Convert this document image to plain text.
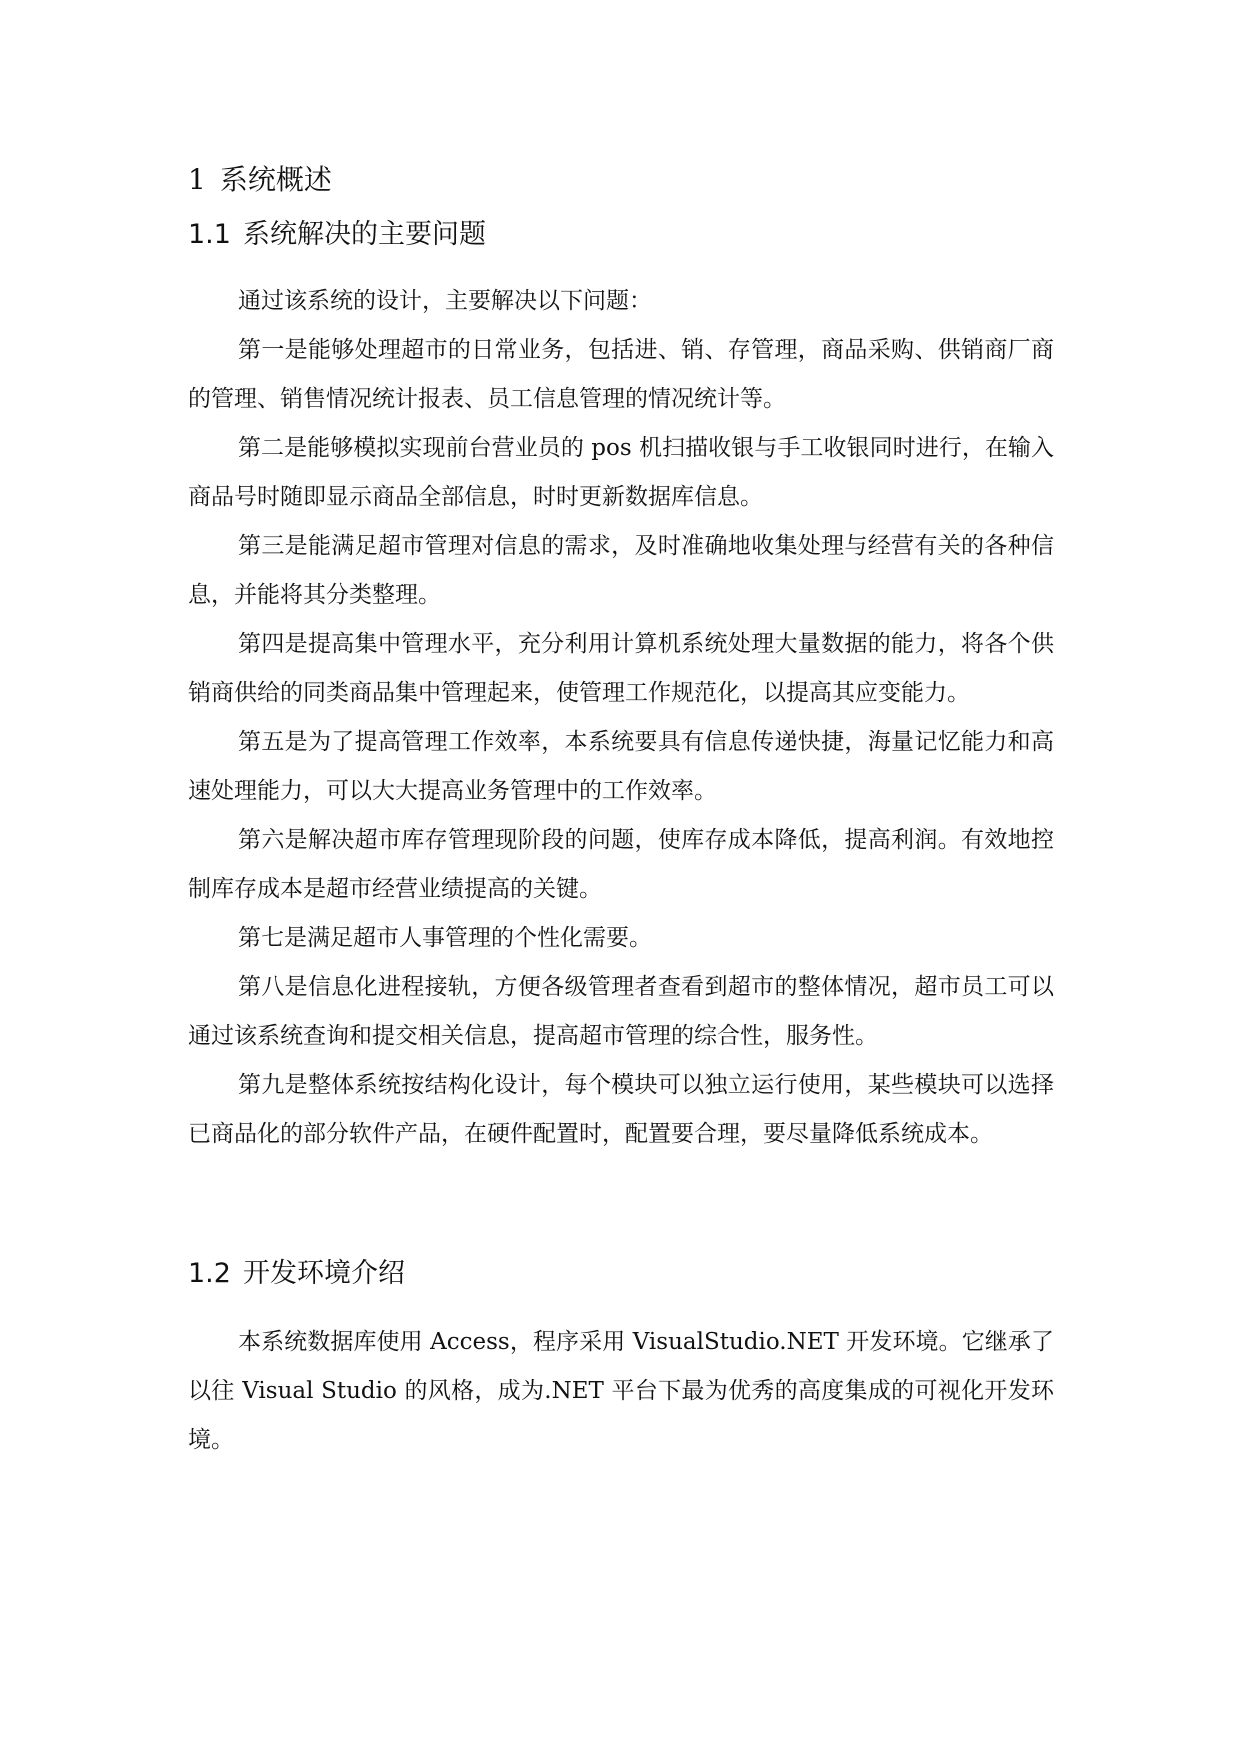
1 系统概述
1.1 系统解决的主要问题

通过该系统的设计，主要解决以下问题：

第一是能够处理超市的日常业务，包括进、销、存管理，商品采购、供销商厂商的管理、销售情况统计报表、员工信息管理的情况统计等。

第二是能够模拟实现前台营业员的 pos 机扫描收银与手工收银同时进行，在输入商品号时随即显示商品全部信息，时时更新数据库信息。

第三是能满足超市管理对信息的需求，及时准确地收集处理与经营有关的各种信息，并能将其分类整理。

第四是提高集中管理水平，充分利用计算机系统处理大量数据的能力，将各个供销商供给的同类商品集中管理起来，使管理工作规范化，以提高其应变能力。

第五是为了提高管理工作效率，本系统要具有信息传递快捷，海量记忆能力和高速处理能力，可以大大提高业务管理中的工作效率。

第六是解决超市库存管理现阶段的问题，使库存成本降低，提高利润。有效地控制库存成本是超市经营业绩提高的关键。

第七是满足超市人事管理的个性化需要。

第八是信息化进程接轨，方便各级管理者查看到超市的整体情况，超市员工可以通过该系统查询和提交相关信息，提高超市管理的综合性，服务性。

第九是整体系统按结构化设计，每个模块可以独立运行使用，某些模块可以选择已商品化的部分软件产品，在硬件配置时，配置要合理，要尽量降低系统成本。

1.2 开发环境介绍

本系统数据库使用 Access，程序采用 VisualStudio.NET 开发环境。它继承了以往 Visual Studio 的风格，成为.NET 平台下最为优秀的高度集成的可视化开发环境。
